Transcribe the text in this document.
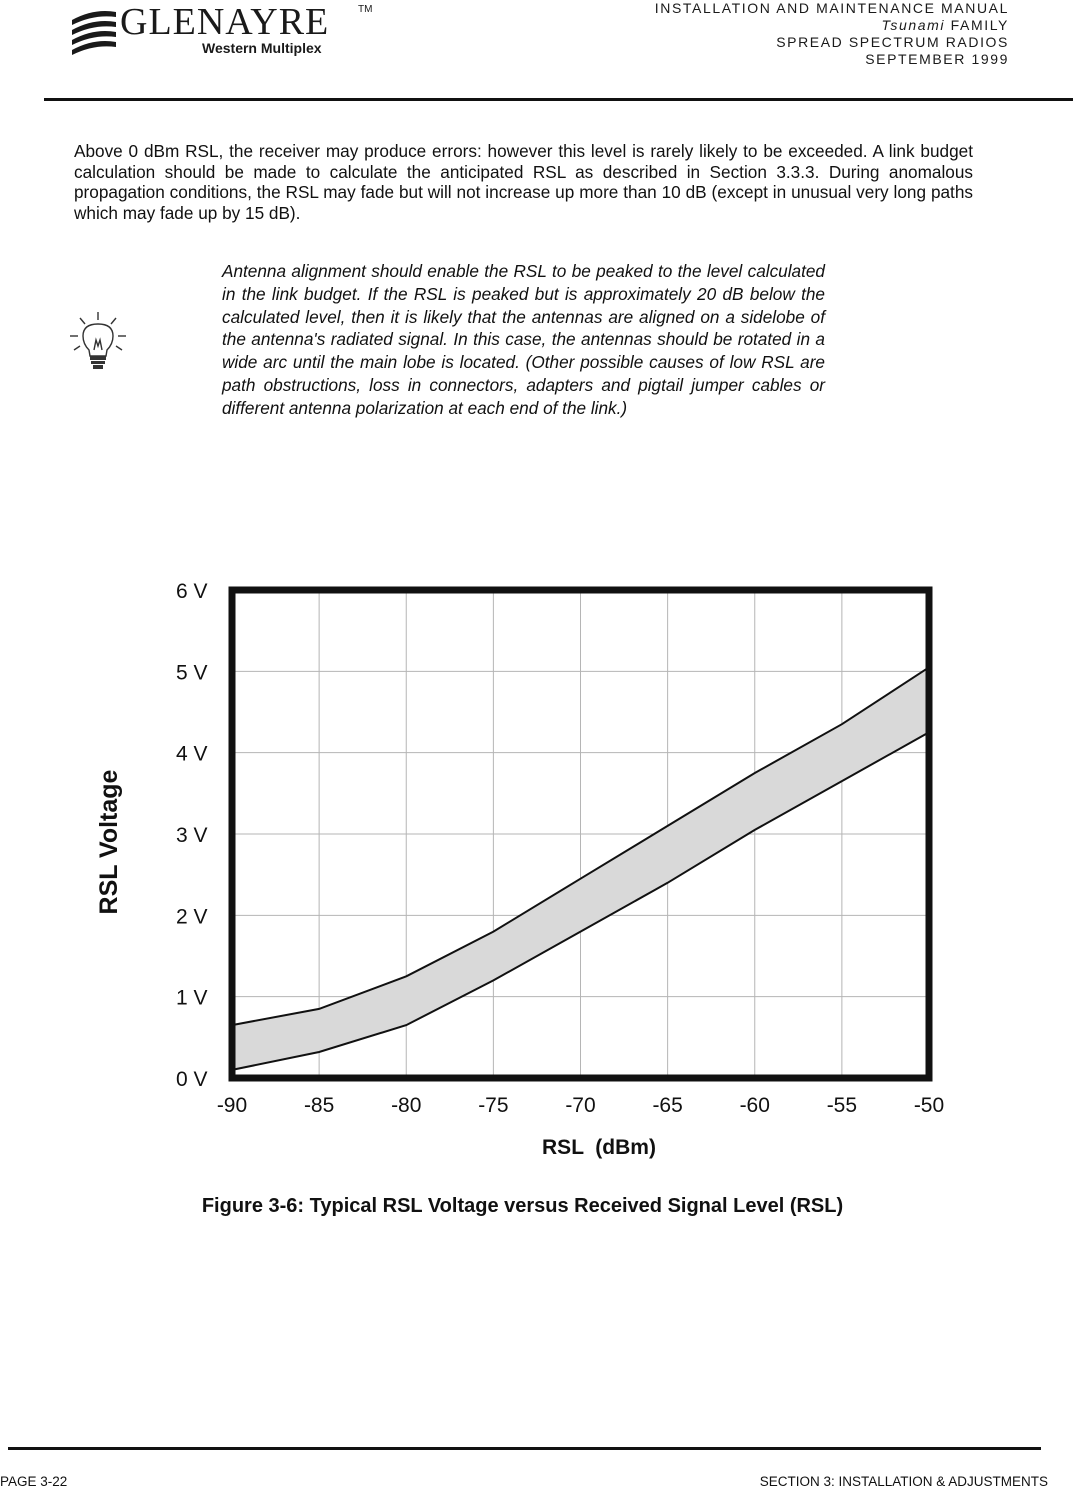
GLENAYRE	TM
Western Multiplex
INSTALLATION AND MAINTENANCE MANUAL
Tsunami FAMILY
SPREAD SPECTRUM RADIOS
SEPTEMBER 1999

Above 0 dBm RSL, the receiver may produce errors: however this level is rarely likely to be exceeded. A link budget calculation should be made to calculate the anticipated RSL as described in Section 3.3.3. During anomalous propagation conditions, the RSL may fade but will not increase up more than 10 dB (except in unusual very long paths which may fade up by 15 dB).

Antenna alignment should enable the RSL to be peaked to the level calculated in the link budget. If the RSL is peaked but is approximately 20 dB below the calculated level, then it is likely that the antennas are aligned on a sidelobe of the antenna's radiated signal. In this case, the antennas should be rotated in a wide arc until the main lobe is located. (Other possible causes of low RSL are path obstructions, loss in connectors, adapters and pigtail jumper cables or different antenna polarization at each end of the link.)

0 V
1 V
2 V
3 V
4 V
5 V
6 V
-90	-85	-80	-75	-70	-65	-60	-55	-50
RSL Voltage
RSL  (dBm)
Figure 3-6: Typical RSL Voltage versus Received Signal Level (RSL)
PAGE 3-22	SECTION 3: INSTALLATION & ADJUSTMENTS
